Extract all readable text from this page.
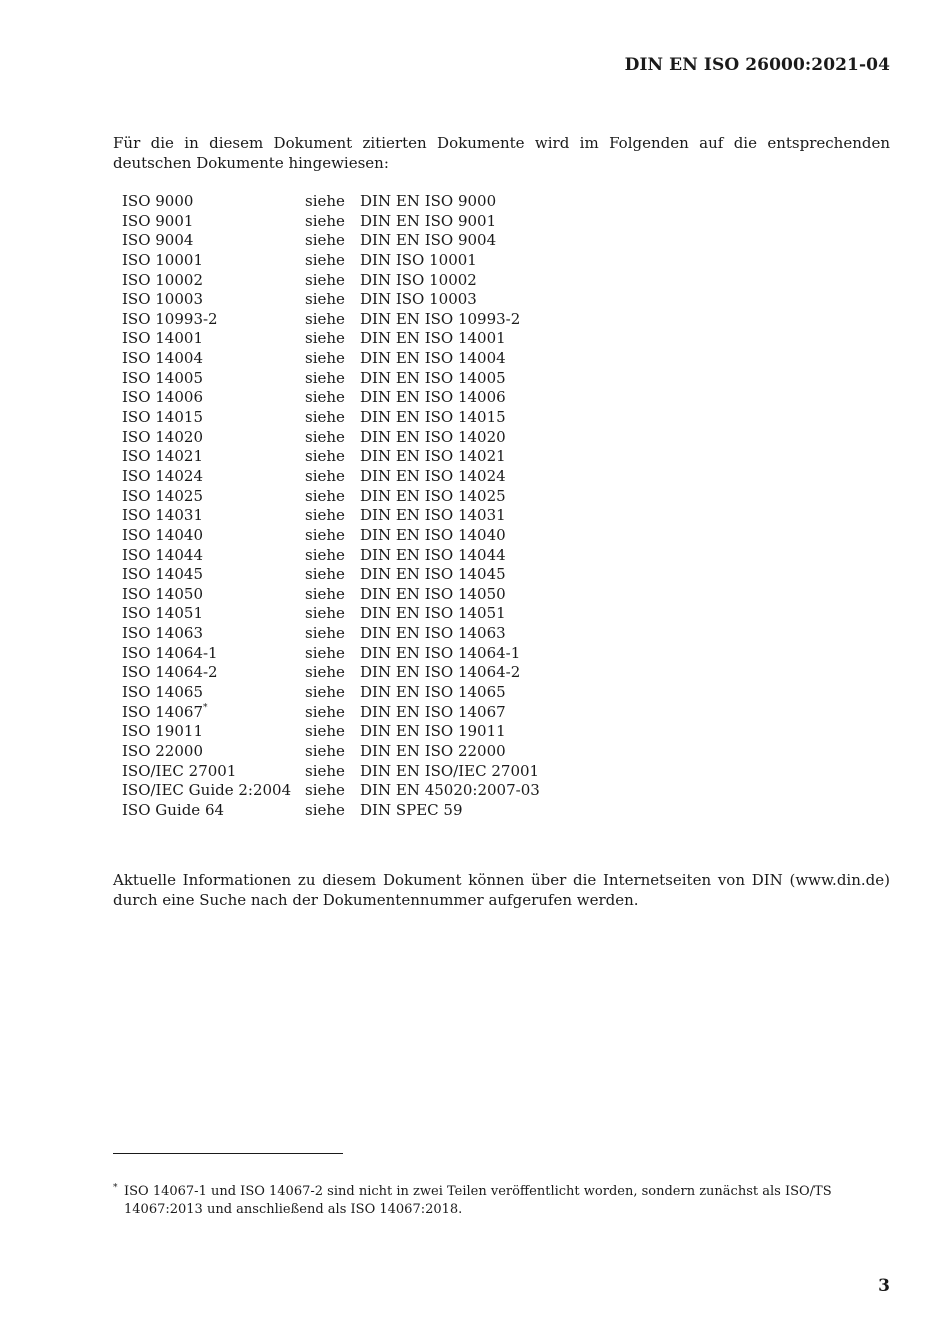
DIN EN ISO 26000:2021-04

Für die in diesem Dokument zitierten Dokumente wird im Folgenden auf die entsprechenden deutschen Dokumente hingewiesen:

ISO 9000	siehe	DIN EN ISO 9000
ISO 9001	siehe	DIN EN ISO 9001
ISO 9004	siehe	DIN EN ISO 9004
ISO 10001	siehe	DIN ISO 10001
ISO 10002	siehe	DIN ISO 10002
ISO 10003	siehe	DIN ISO 10003
ISO 10993-2	siehe	DIN EN ISO 10993-2
ISO 14001	siehe	DIN EN ISO 14001
ISO 14004	siehe	DIN EN ISO 14004
ISO 14005	siehe	DIN EN ISO 14005
ISO 14006	siehe	DIN EN ISO 14006
ISO 14015	siehe	DIN EN ISO 14015
ISO 14020	siehe	DIN EN ISO 14020
ISO 14021	siehe	DIN EN ISO 14021
ISO 14024	siehe	DIN EN ISO 14024
ISO 14025	siehe	DIN EN ISO 14025
ISO 14031	siehe	DIN EN ISO 14031
ISO 14040	siehe	DIN EN ISO 14040
ISO 14044	siehe	DIN EN ISO 14044
ISO 14045	siehe	DIN EN ISO 14045
ISO 14050	siehe	DIN EN ISO 14050
ISO 14051	siehe	DIN EN ISO 14051
ISO 14063	siehe	DIN EN ISO 14063
ISO 14064-1	siehe	DIN EN ISO 14064-1
ISO 14064-2	siehe	DIN EN ISO 14064-2
ISO 14065	siehe	DIN EN ISO 14065
ISO 14067*	siehe	DIN EN ISO 14067
ISO 19011	siehe	DIN EN ISO 19011
ISO 22000	siehe	DIN EN ISO 22000
ISO/IEC 27001	siehe	DIN EN ISO/IEC 27001
ISO/IEC Guide 2:2004 siehe	DIN EN 45020:2007-03
ISO Guide 64	siehe	DIN SPEC 59

Aktuelle Informationen zu diesem Dokument können über die Internetseiten von DIN (www.din.de) durch eine Suche nach der Dokumentennummer aufgerufen werden.

* ISO 14067-1 und ISO 14067-2 sind nicht in zwei Teilen veröffentlicht worden, sondern zunächst als ISO/TS 14067:2013 und anschließend als ISO 14067:2018.
3
